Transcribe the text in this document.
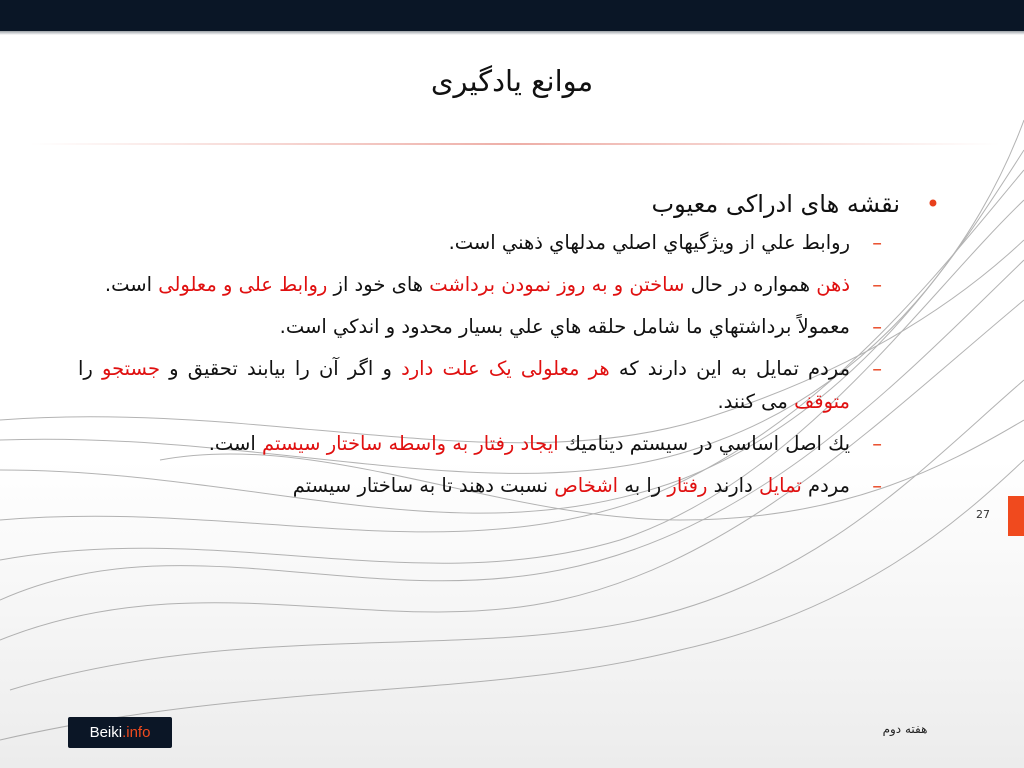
موانع یادگیری
•
نقشه های ادراکی معیوب
–
روابط علي از ويژگيهاي اصلي مدلهاي ذهني است.
–
ذهن همواره در حال ساختن و به روز نمودن برداشت های خود از روابط علی و معلولی است.
–
معمولاً برداشتهاي ما شامل حلقه هاي علي بسيار محدود و اندكي است.
–
مردم تمایل به این دارند که هر معلولی یک علت دارد و اگر آن را بیابند تحقیق و جستجو را متوقف می کنند.
–
يك اصل اساسي در سيستم ديناميك ايجاد رفتار به واسطه ساختار سيستم است.
–
مردم تمایل دارند رفتار را به اشخاص نسبت دهند تا به ساختار سیستم
27
Beiki.info	هفته دوم
